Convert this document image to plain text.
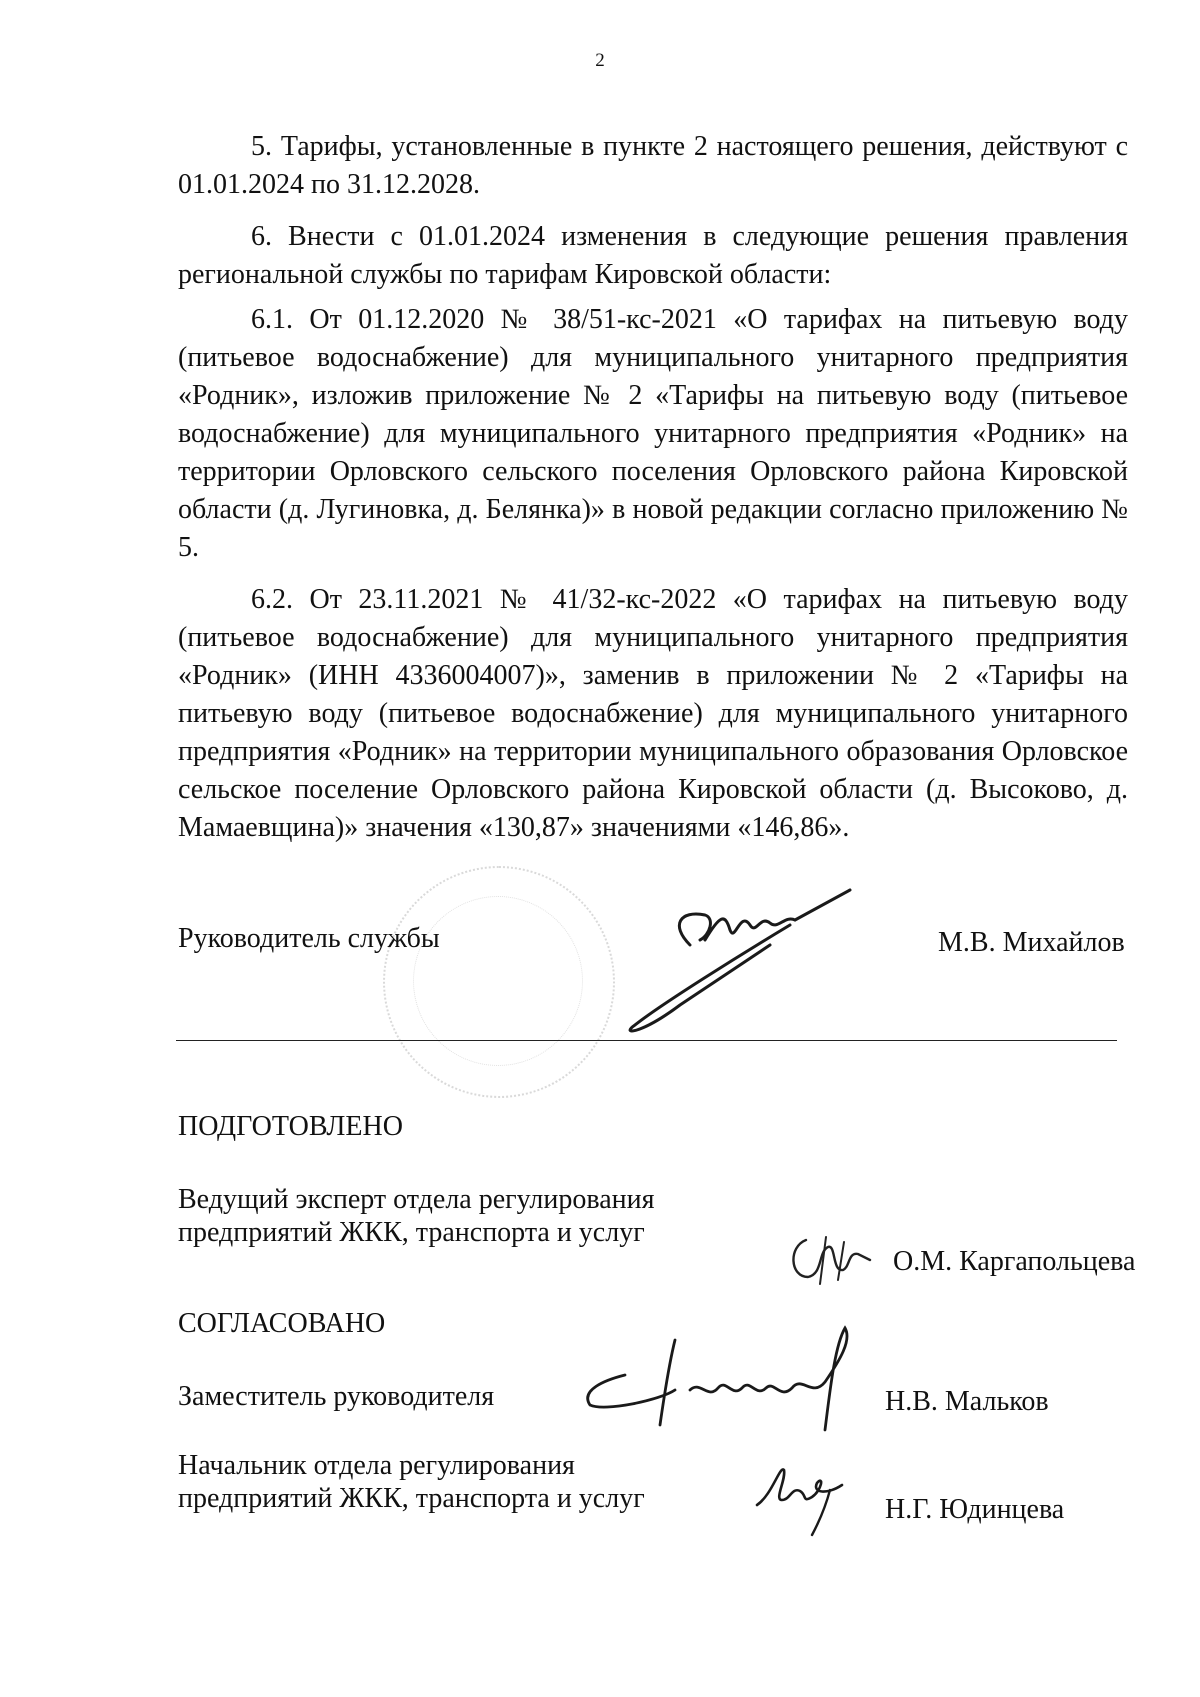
2

5. Тарифы, установленные в пункте 2 настоящего решения, действуют с 01.01.2024 по 31.12.2028.

6. Внести с 01.01.2024 изменения в следующие решения правления региональной службы по тарифам Кировской области:

6.1. От 01.12.2020 № 38/51-кс-2021 «О тарифах на питьевую воду (питьевое водоснабжение) для муниципального унитарного предприятия «Родник», изложив приложение № 2 «Тарифы на питьевую воду (питьевое водоснабжение) для муниципального унитарного предприятия «Родник» на территории Орловского сельского поселения Орловского района Кировской области (д. Лугиновка, д. Белянка)» в новой редакции согласно приложению № 5.

6.2. От 23.11.2021 № 41/32-кс-2022 «О тарифах на питьевую воду (питьевое водоснабжение) для муниципального унитарного предприятия «Родник» (ИНН 4336004007)», заменив в приложении № 2 «Тарифы на питьевую воду (питьевое водоснабжение) для муниципального унитарного предприятия «Родник» на территории муниципального образования Орловское сельское поселение Орловского района Кировской области (д. Высоково, д. Мамаевщина)» значения «130,87» значениями «146,86».

Руководитель службы	М.В. Михайлов
ПОДГОТОВЛЕНО
Ведущий эксперт отдела регулирования
предприятий ЖКК, транспорта и услуг
О.М. Каргапольцева
СОГЛАСОВАНО
Заместитель руководителя	Н.В. Мальков
Начальник отдела регулирования
предприятий ЖКК, транспорта и услуг	Н.Г. Юдинцева
